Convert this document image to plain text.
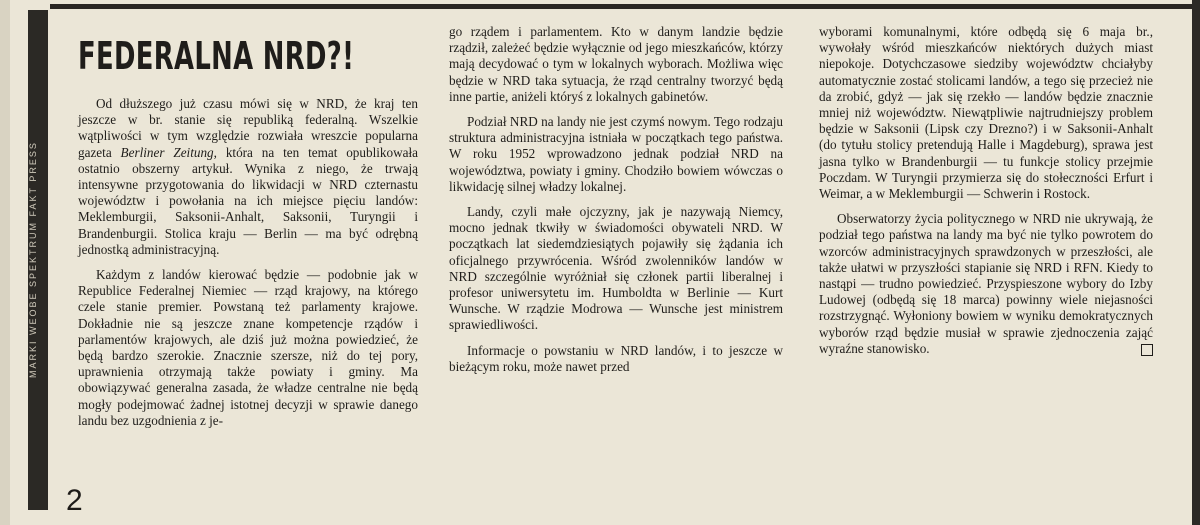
MARKI WEOBE SPEKTRUM FAKT PRESS
FEDERALNA NRD?!

Od dłuższego już czasu mówi się w NRD, że kraj ten jeszcze w br. stanie się republiką federalną. Wszelkie wątpliwości w tym względzie rozwiała wreszcie popularna gazeta Berliner Zeitung, która na ten temat opublikowała ostatnio obszerny artykuł. Wynika z niego, że trwają intensywne przygotowania do likwidacji w NRD czternastu województw i powołania na ich miejsce pięciu landów: Meklemburgii, Saksonii-Anhalt, Saksonii, Turyngii i Brandenburgii. Stolica kraju — Berlin — ma być odrębną jednostką administracyjną.

Każdym z landów kierować będzie — podobnie jak w Republice Federalnej Niemiec — rząd krajowy, na którego czele stanie premier. Powstaną też parlamenty krajowe. Dokładnie nie są jeszcze znane kompetencje rządów i parlamentów krajowych, ale dziś już można powiedzieć, że będą bardzo szerokie. Znacznie szersze, niż do tej pory, uprawnienia otrzymają także powiaty i gminy. Ma obowiązywać generalna zasada, że władze centralne nie będą mogły podejmować żadnej istotnej decyzji w sprawie danego landu bez uzgodnienia z je-

go rządem i parlamentem. Kto w danym landzie będzie rządził, zależeć będzie wyłącznie od jego mieszkańców, którzy mają decydować o tym w lokalnych wyborach. Możliwa więc będzie w NRD taka sytuacja, że rząd centralny tworzyć będą inne partie, aniżeli któryś z lokalnych gabinetów.

Podział NRD na landy nie jest czymś nowym. Tego rodzaju struktura administracyjna istniała w początkach tego państwa. W roku 1952 wprowadzono jednak podział NRD na województwa, powiaty i gminy. Chodziło bowiem wówczas o likwidację silnej władzy lokalnej.

Landy, czyli małe ojczyzny, jak je nazywają Niemcy, mocno jednak tkwiły w świadomości obywateli NRD. W początkach lat siedemdziesiątych pojawiły się żądania ich oficjalnego przywrócenia. Wśród zwolenników landów w NRD szczególnie wyróżniał się członek partii liberalnej i profesor uniwersytetu im. Humboldta w Berlinie — Kurt Wunsche. W rządzie Modrowa — Wunsche jest ministrem sprawiedliwości.

Informacje o powstaniu w NRD landów, i to jeszcze w bieżącym roku, może nawet przed

wyborami komunalnymi, które odbędą się 6 maja br., wywołały wśród mieszkańców niektórych dużych miast niepokoje. Dotychczasowe siedziby województw chciałyby automatycznie zostać stolicami landów, a tego się przecież nie da zrobić, gdyż — jak się rzekło — landów będzie znacznie mniej niż województw. Niewątpliwie najtrudniejszy problem będzie w Saksonii (Lipsk czy Drezno?) i w Saksonii-Anhalt (do tytułu stolicy pretendują Halle i Magdeburg), sprawa jest jasna tylko w Brandenburgii — tu funkcje stolicy przejmie Poczdam. W Turyngii przymierza się do stołeczności Erfurt i Weimar, a w Meklemburgii — Schwerin i Rostock.

Obserwatorzy życia politycznego w NRD nie ukrywają, że podział tego państwa na landy ma być nie tylko powrotem do wzorców administracyjnych sprawdzonych w przeszłości, ale także ułatwi w przyszłości stapianie się NRD i RFN. Kiedy to nastąpi — trudno powiedzieć. Przyspieszone wybory do Izby Ludowej (odbędą się 18 marca) powinny wiele niejasności rozstrzygnąć. Wyłoniony bowiem w wyniku demokratycznych wyborów rząd będzie musiał w sprawie zjednoczenia zająć wyraźne stanowisko.

2
